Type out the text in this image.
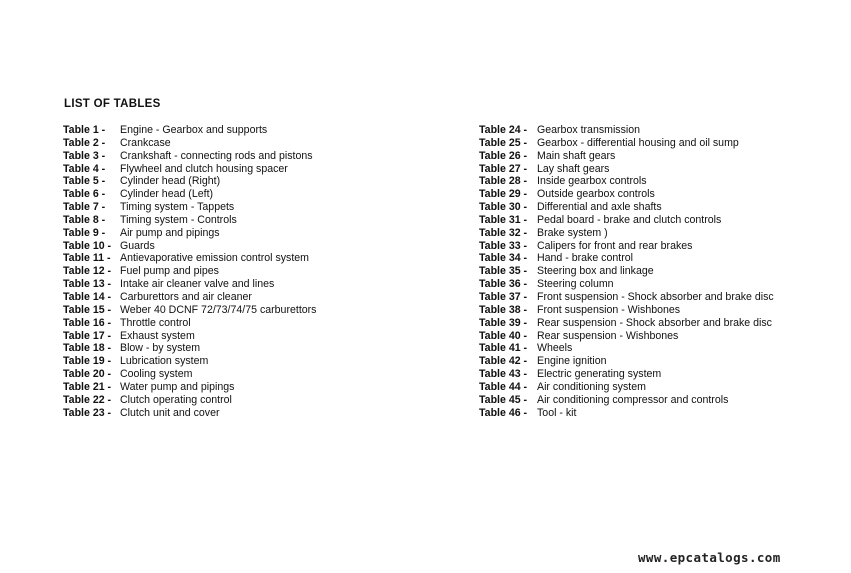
LIST OF TABLES
Table 1 -	Engine - Gearbox and supports
Table 2 -	Crankcase
Table 3 -	Crankshaft - connecting rods and pistons
Table 4 -	Flywheel and clutch housing spacer
Table 5 -	Cylinder head (Right)
Table 6 -	Cylinder head (Left)
Table 7 -	Timing system - Tappets
Table 8 -	Timing system - Controls
Table 9 -	Air pump and pipings
Table 10 - Guards
Table 11 - Antievaporative emission control system
Table 12 - Fuel pump and pipes
Table 13 - Intake air cleaner valve and lines
Table 14 - Carburettors and air cleaner
Table 15 - Weber 40 DCNF 72/73/74/75 carburettors
Table 16 - Throttle control
Table 17 - Exhaust system
Table 18 - Blow - by system
Table 19 - Lubrication system
Table 20 - Cooling system
Table 21 - Water pump and pipings
Table 22 - Clutch operating control
Table 23 - Clutch unit and cover
Table 24 - Gearbox transmission
Table 25 - Gearbox - differential housing and oil sump
Table 26 - Main shaft gears
Table 27 - Lay shaft gears
Table 28 - Inside gearbox controls
Table 29 - Outside gearbox controls
Table 30 - Differential and axle shafts
Table 31 - Pedal board - brake and clutch controls
Table 32 - Brake system )
Table 33 - Calipers for front and rear brakes
Table 34 - Hand - brake control
Table 35 - Steering box and linkage
Table 36 - Steering column
Table 37 - Front suspension - Shock absorber and brake disc
Table 38 - Front suspension - Wishbones
Table 39 - Rear suspension - Shock absorber and brake disc
Table 40 - Rear suspension - Wishbones
Table 41 - Wheels
Table 42 - Engine ignition
Table 43 - Electric generating system
Table 44 - Air conditioning system
Table 45 - Air conditioning compressor and controls
Table 46 - Tool - kit
www.epcatalogs.com
